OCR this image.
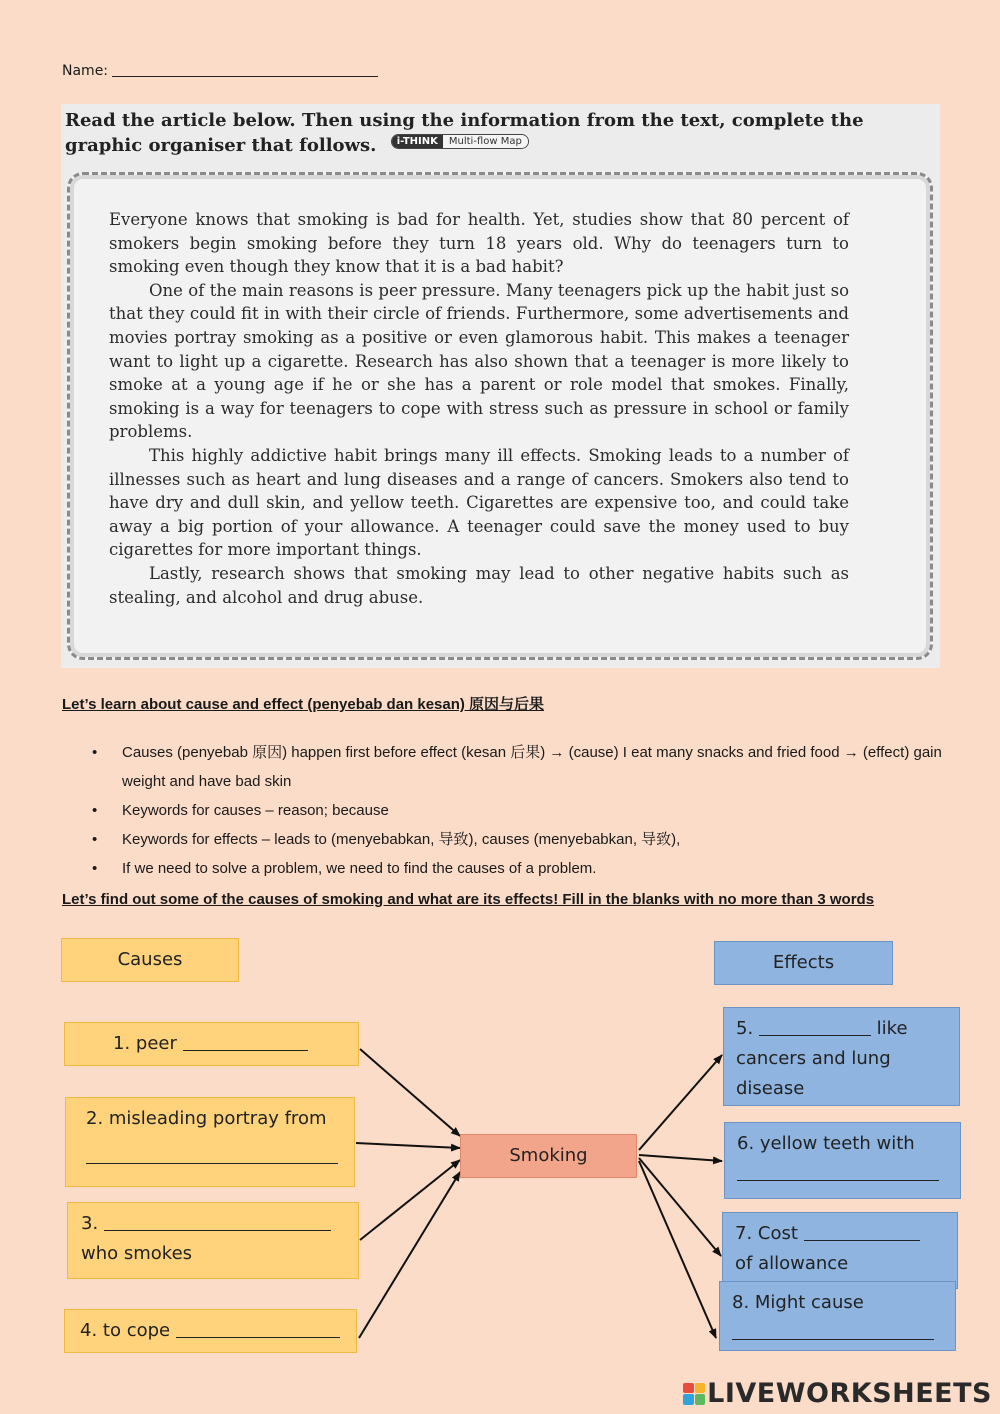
Name:
Read the article below. Then using the information from the text, complete the graphic organiser that follows. i-THINK Multi-flow Map

Everyone knows that smoking is bad for health. Yet, studies show that 80 percent of smokers begin smoking before they turn 18 years old. Why do teenagers turn to smoking even though they know that it is a bad habit?

One of the main reasons is peer pressure. Many teenagers pick up the habit just so that they could fit in with their circle of friends. Furthermore, some advertisements and movies portray smoking as a positive or even glamorous habit. This makes a teenager want to light up a cigarette. Research has also shown that a teenager is more likely to smoke at a young age if he or she has a parent or role model that smokes. Finally, smoking is a way for teenagers to cope with stress such as pressure in school or family problems.

This highly addictive habit brings many ill effects. Smoking leads to a number of illnesses such as heart and lung diseases and a range of cancers. Smokers also tend to have dry and dull skin, and yellow teeth. Cigarettes are expensive too, and could take away a big portion of your allowance. A teenager could save the money used to buy cigarettes for more important things.

Lastly, research shows that smoking may lead to other negative habits such as stealing, and alcohol and drug abuse.

Let’s learn about cause and effect (penyebab dan kesan) 原因与后果
• Causes (penyebab 原因) happen first before effect (kesan 后果) → (cause) I eat many snacks and fried food → (effect) gain weight and have bad skin
• Keywords for causes – reason; because
• Keywords for effects – leads to (menyebabkan, 导致), causes (menyebabkan, 导致),
• If we need to solve a problem, we need to find the causes of a problem.
Let’s find out some of the causes of smoking and what are its effects! Fill in the blanks with no more than 3 words
Causes	Effects
1. peer
2. misleading portray from
3.
who smokes
4. to cope
Smoking
5.	like
cancers and lung
disease
6. yellow teeth with
7. Cost
of allowance
8. Might cause
LIVEWORKSHEETS
